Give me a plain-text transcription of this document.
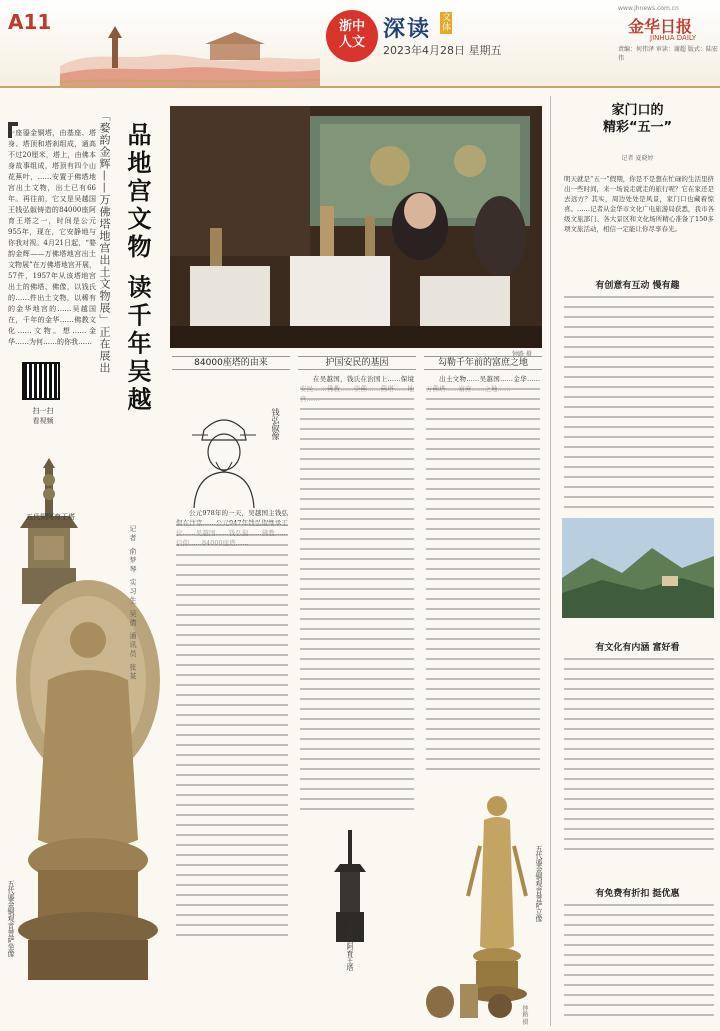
A11	浙中
人文
深读 文体
2023年4月28日 星期五
www.jhnews.com.cn
金华日报
JINHUA DAILY
责编：何伟泽 审读：谢超 版式：陆宏伟
一座鎏金铜塔，由基座、塔身、塔顶和塔刹组成，通高不过20厘米，塔上，由佛本身故事组成，塔顶有四个山花蕉叶，……安置于佛塔地宫出土文物，出土已有66年。再往前，它又是吴越国王钱弘俶铸造的84000座阿育王塔之一，时间是公元955年，现在，它安静地与你我对视。4月21日起，“婺韵金辉——万佛塔地宫出土文物展”在万佛塔地宫开展，57件，1957年从该塔地宫出土的佛塔、佛像，以钱氏的……件出土文物，以稀有的金华地宫的……吴越国在，千年的金华……佛教文化……文物。想……金华……为何……的你我……
扫一扫
看视频
五代铜阿育王塔
五代鎏金铜观音菩萨坐像
「婺韵金辉——万佛塔地宫出土文物展」正在展出 品地宫文物 读千年吴越
记者 俞梦琴 实习生 吴倩 通讯员 张某
钟路 摄
84000座塔的由来
钱弘俶像

公元978年的一天，吴越国主钱弘

护国安民的基因

在吴越国，钱氏在治国上……保境

勾勒千年前的富庶之地

出土文物……吴越国……金华……

五代铜阿育王塔
五代鎏金铜观音菩萨立像
钟路 摄
家门口的
精彩“五一”
记者 夏晓婷
明天就是“五一”假期，你是不是想在忙碌的生活里挤出一些时间，来一场说走就走的旅行呢？它在家还是去远方？其实，周边处处是风景，家门口也藏着惊喜。……记者从金华市文化广电旅游局获悉，我市各级文旅部门、各大景区和文化场所精心准备了150多项文旅活动，相信一定能让你尽享春光。
有创意有互动 慢有趣
有文化有内涵 富好看
有免费有折扣 挺优惠
